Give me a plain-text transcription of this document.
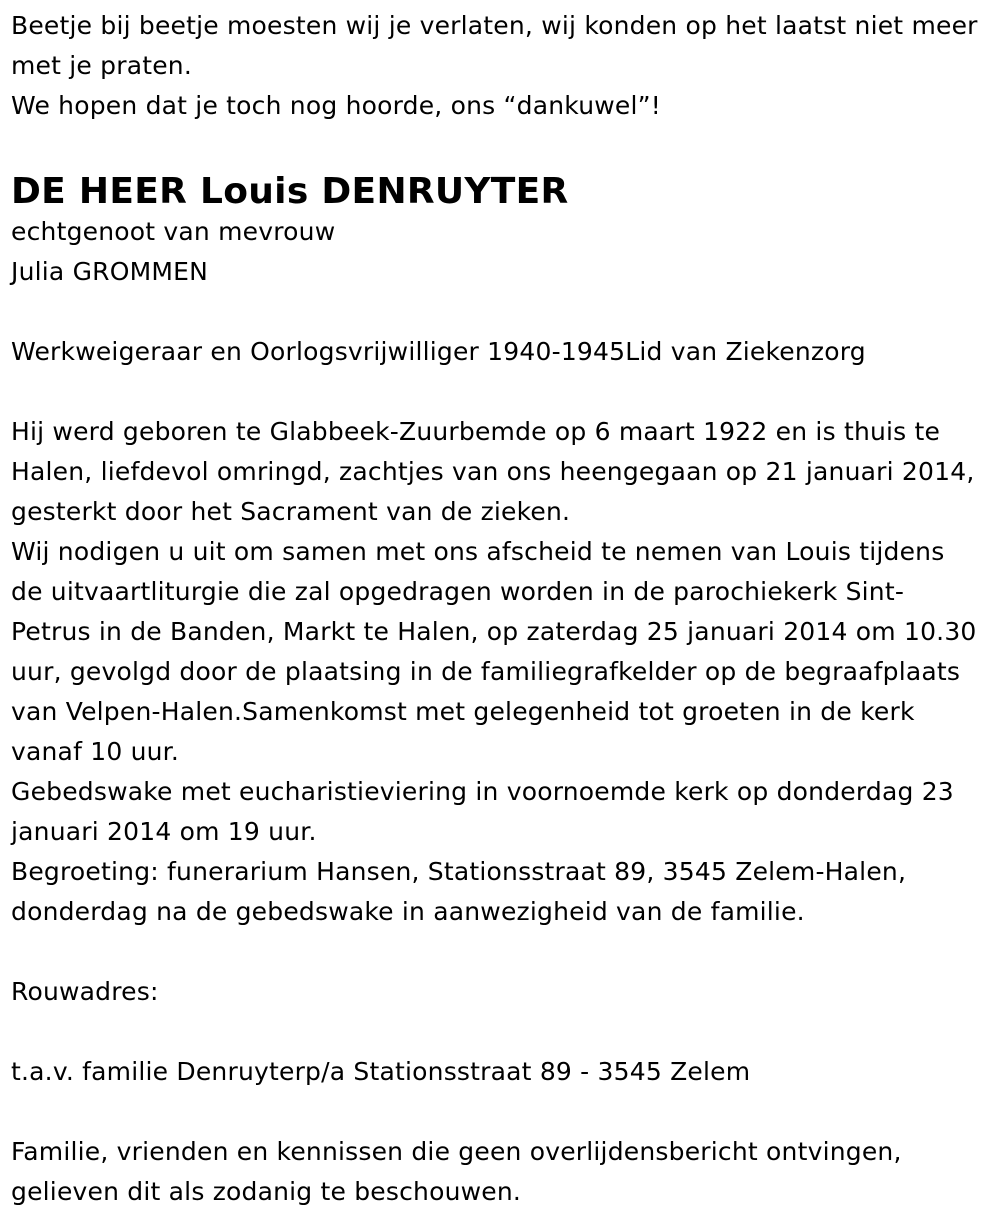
Beetje bij beetje moesten wij je verlaten, wij konden op het laatst niet meer met je praten.

We hopen dat je toch nog hoorde, ons “dankuwel”!

DE HEER Louis DENRUYTER

echtgenoot van mevrouw

Julia GROMMEN

Werkweigeraar en Oorlogsvrijwilliger 1940-1945Lid van Ziekenzorg

Hij werd geboren te Glabbeek-Zuurbemde op 6 maart 1922 en is thuis te Halen, liefdevol omringd, zachtjes van ons heengegaan op 21 januari 2014, gesterkt door het Sacrament van de zieken.

Wij nodigen u uit om samen met ons afscheid te nemen van Louis tijdens de uitvaartliturgie die zal opgedragen worden in de parochiekerk Sint-Petrus in de Banden, Markt te Halen, op zaterdag 25 januari 2014 om 10.30 uur, gevolgd door de plaatsing in de familiegrafkelder op de begraafplaats van Velpen-Halen.Samenkomst met gelegenheid tot groeten in de kerk vanaf 10 uur.

Gebedswake met eucharistieviering in voornoemde kerk op donderdag 23 januari 2014 om 19 uur.

Begroeting: funerarium Hansen, Stationsstraat 89, 3545 Zelem-Halen, donderdag na de gebedswake in aanwezigheid van de familie.

Rouwadres:

t.a.v. familie Denruyterp/a Stationsstraat 89 - 3545 Zelem

Familie, vrienden en kennissen die geen overlijdensbericht ontvingen, gelieven dit als zodanig te beschouwen.
